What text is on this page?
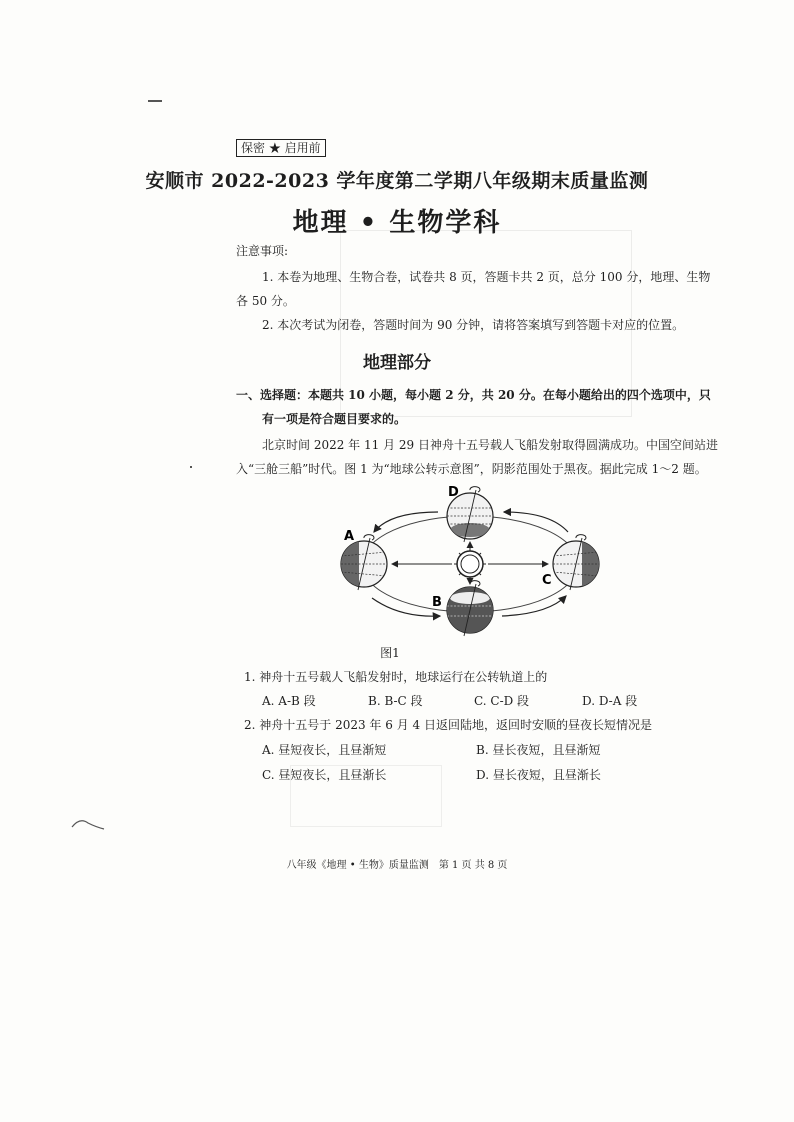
保密 ★ 启用前
安顺市 2022-2023 学年度第二学期八年级期末质量监测
地理 • 生物学科
注意事项:
1. 本卷为地理、生物合卷，试卷共 8 页，答题卡共 2 页，总分 100 分，地理、生物
各 50 分。
2. 本次考试为闭卷，答题时间为 90 分钟，请将答案填写到答题卡对应的位置。
地理部分
一、选择题：本题共 10 小题，每小题 2 分，共 20 分。在每小题给出的四个选项中，只
有一项是符合题目要求的。
北京时间 2022 年 11 月 29 日神舟十五号载人飞船发射取得圆满成功。中国空间站进
入“三舱三船”时代。图 1 为“地球公转示意图”，阴影范围处于黑夜。据此完成 1～2 题。
A
B
C
D
图1
1. 神舟十五号载人飞船发射时，地球运行在公转轨道上的
A. A-B 段	B. B-C 段	C. C-D 段	D. D-A 段
2. 神舟十五号于 2023 年 6 月 4 日返回陆地，返回时安顺的昼夜长短情况是
A. 昼短夜长，且昼渐短	B. 昼长夜短，且昼渐短
C. 昼短夜长，且昼渐长	D. 昼长夜短，且昼渐长
八年级《地理 • 生物》质量监测　第 1 页 共 8 页
